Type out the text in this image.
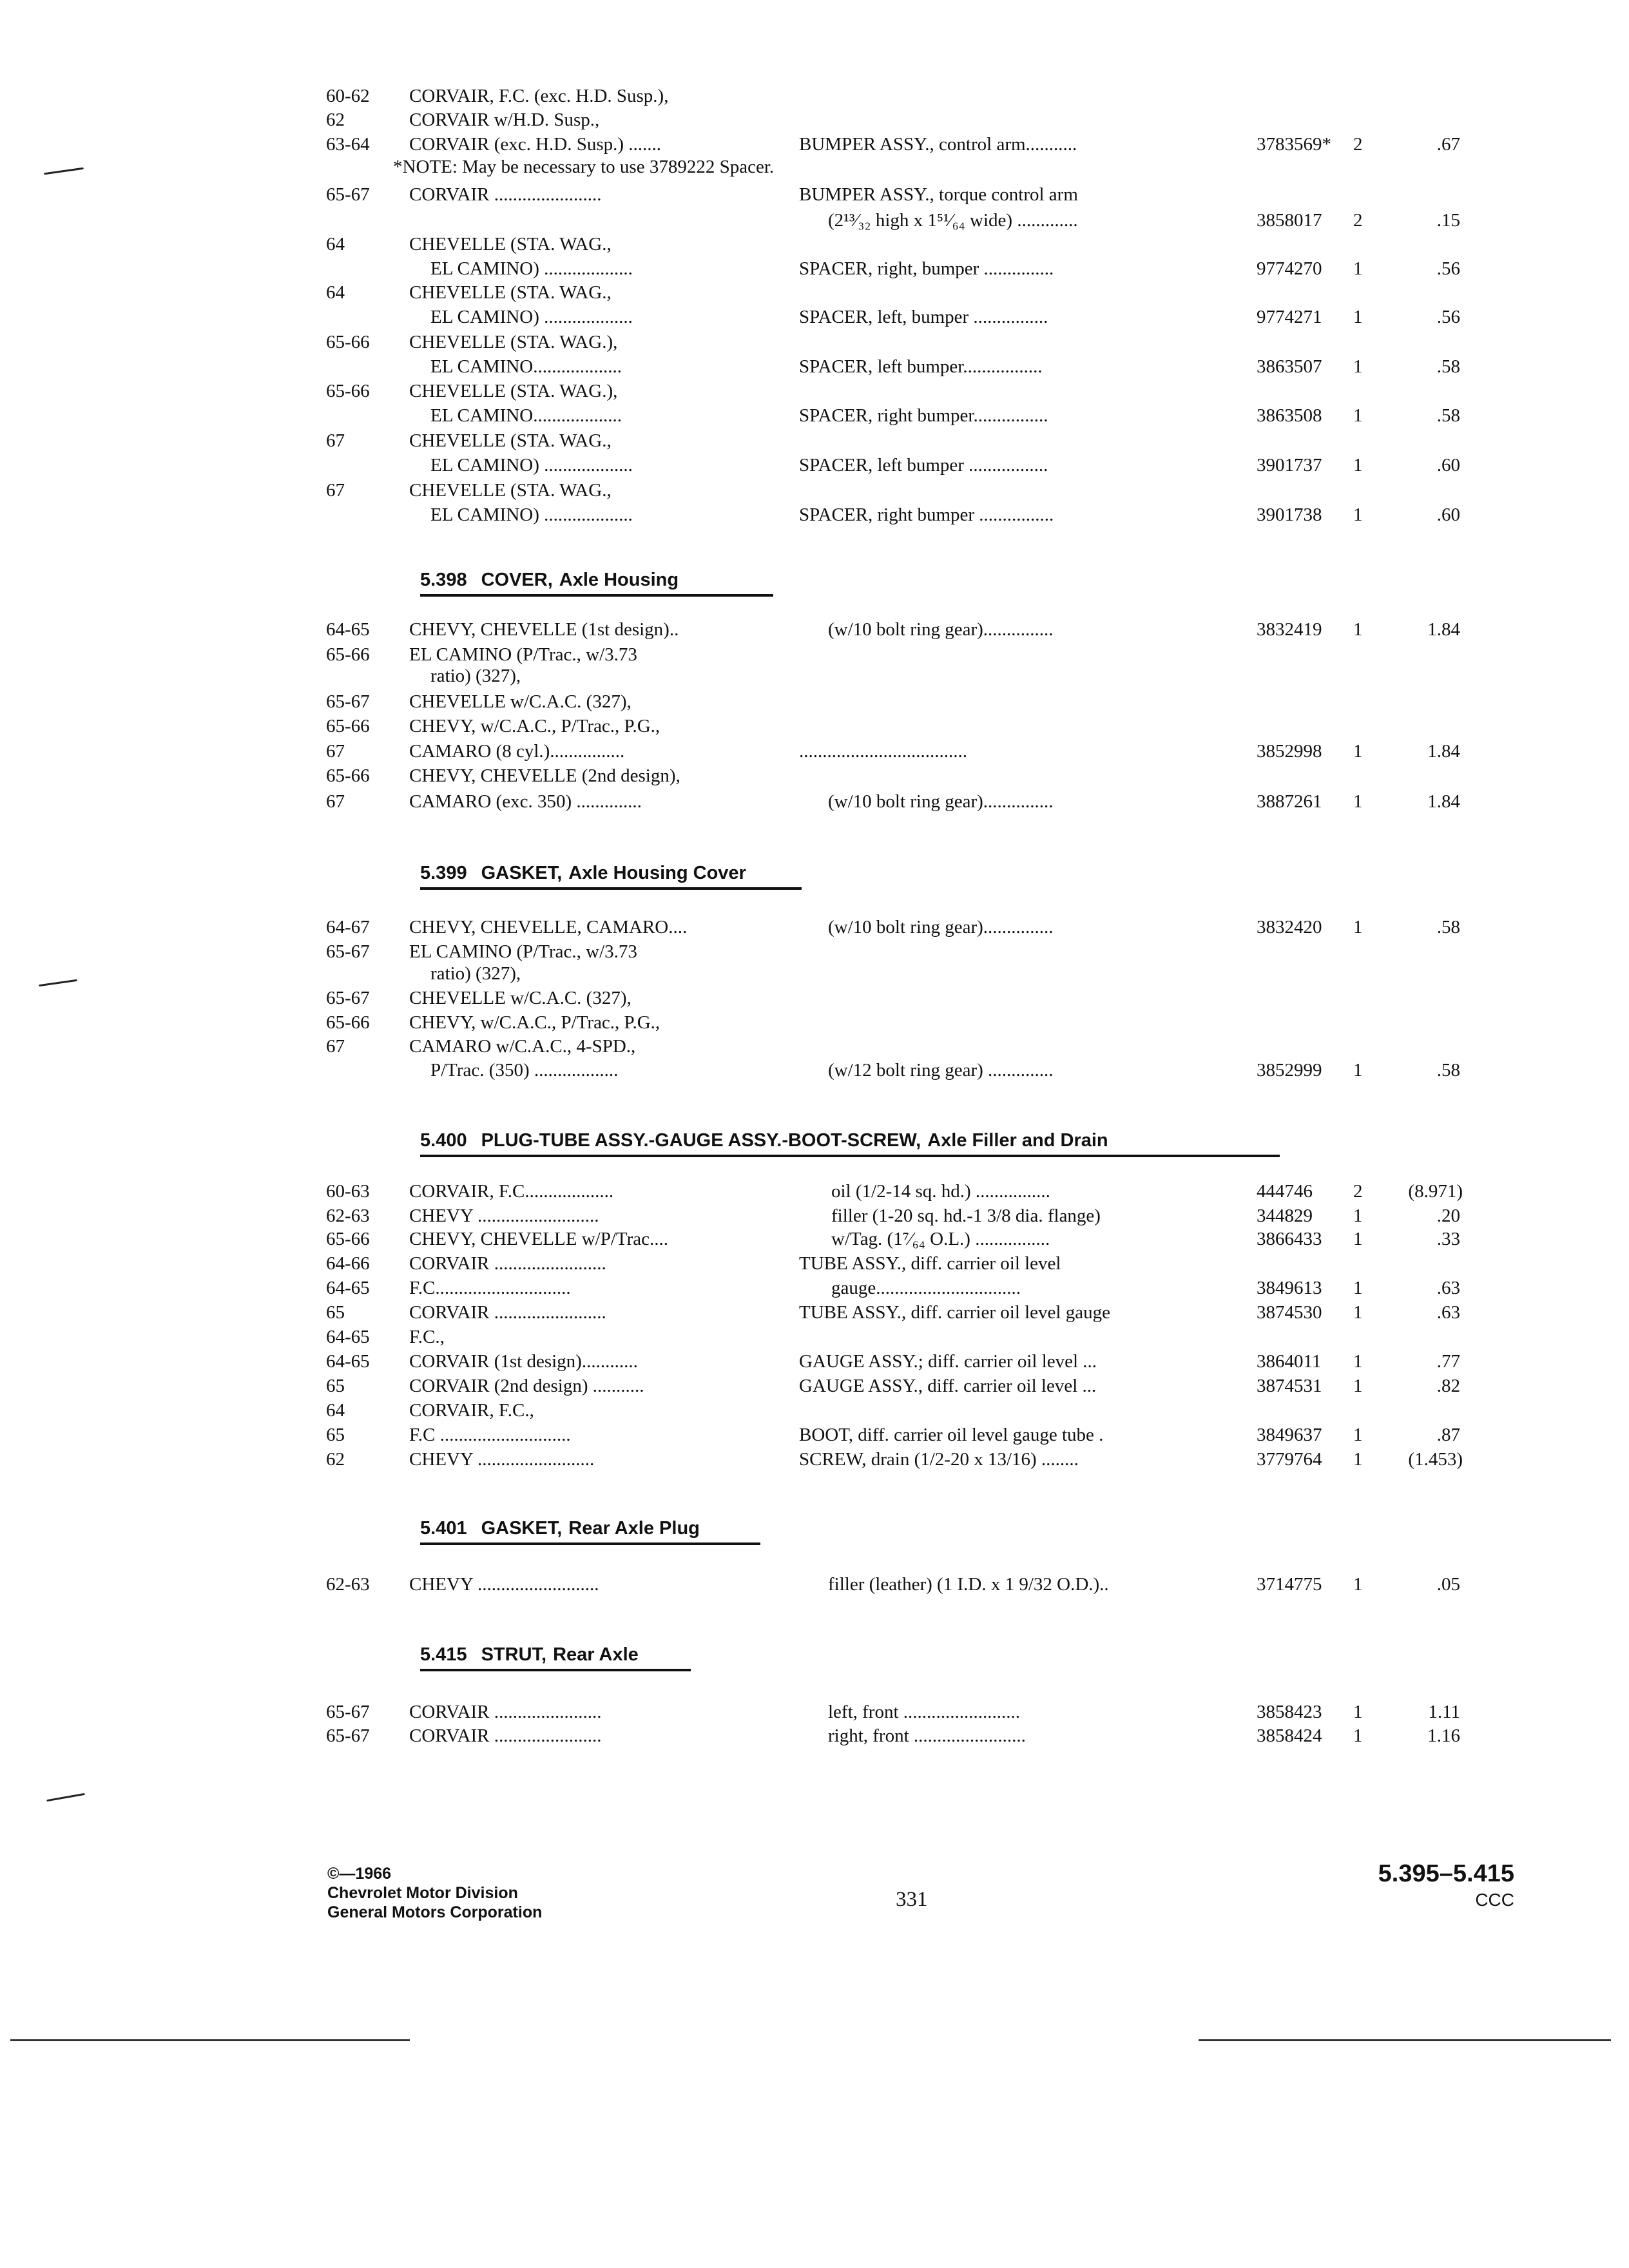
60-62 CORVAIR, F.C. (exc. H.D. Susp.),
62	CORVAIR w/H.D. Susp.,
63-64 CORVAIR (exc. H.D. Susp.) .......	BUMPER ASSY., control arm...........	3783569* 2	.67
*NOTE: May be necessary to use 3789222 Spacer.
65-67 CORVAIR .......................	BUMPER ASSY., torque control arm
(2¹³⁄₃₂ high x 1⁵¹⁄₆₄ wide) .............	3858017 2	.15
64	CHEVELLE (STA. WAG.,
EL CAMINO) ...................	SPACER, right, bumper ...............	9774270 1	.56
64	CHEVELLE (STA. WAG.,
EL CAMINO) ...................	SPACER, left, bumper ................	9774271 1	.56
65-66 CHEVELLE (STA. WAG.),
EL CAMINO...................	SPACER, left bumper.................	3863507 1	.58
65-66 CHEVELLE (STA. WAG.),
EL CAMINO...................	SPACER, right bumper................	3863508 1	.58
67	CHEVELLE (STA. WAG.,
EL CAMINO) ...................	SPACER, left bumper .................	3901737 1	.60
67	CHEVELLE (STA. WAG.,
EL CAMINO) ...................	SPACER, right bumper ................	3901738 1	.60
5.398 COVER, Axle Housing
64-65 CHEVY, CHEVELLE (1st design)..	(w/10 bolt ring gear)...............	3832419 1	1.84
65-66 EL CAMINO (P/Trac., w/3.73
ratio) (327),
65-67 CHEVELLE w/C.A.C. (327),
65-66 CHEVY, w/C.A.C., P/Trac., P.G.,
67	CAMARO (8 cyl.)................	....................................	3852998 1	1.84
65-66 CHEVY, CHEVELLE (2nd design),
67	CAMARO (exc. 350) ..............	(w/10 bolt ring gear)...............	3887261 1	1.84
5.399 GASKET, Axle Housing Cover
64-67 CHEVY, CHEVELLE, CAMARO....	(w/10 bolt ring gear)...............	3832420 1	.58
65-67 EL CAMINO (P/Trac., w/3.73
ratio) (327),
65-67 CHEVELLE w/C.A.C. (327),
65-66 CHEVY, w/C.A.C., P/Trac., P.G.,
67	CAMARO w/C.A.C., 4-SPD.,
P/Trac. (350) ..................	(w/12 bolt ring gear) ..............	3852999 1	.58
5.400 PLUG-TUBE ASSY.-GAUGE ASSY.-BOOT-SCREW, Axle Filler and Drain
60-63 CORVAIR, F.C...................	oil (1/2-14 sq. hd.) ................	444746 2	(8.971)
62-63 CHEVY ..........................	filler (1-20 sq. hd.-1 3/8 dia. flange)	344829 1	.20
65-66 CHEVY, CHEVELLE w/P/Trac....	w/Tag. (1⁷⁄₆₄ O.L.) ................	3866433 1	.33
64-66 CORVAIR ........................	TUBE ASSY., diff. carrier oil level
64-65 F.C.............................	gauge...............................	3849613 1	.63
65	CORVAIR ........................	TUBE ASSY., diff. carrier oil level gauge	3874530 1	.63
64-65 F.C.,
64-65 CORVAIR (1st design)............	GAUGE ASSY.; diff. carrier oil level ...	3864011 1	.77
65	CORVAIR (2nd design) ...........	GAUGE ASSY., diff. carrier oil level ...	3874531 1	.82
64	CORVAIR, F.C.,
65	F.C ............................	BOOT, diff. carrier oil level gauge tube .	3849637 1	.87
62	CHEVY .........................	SCREW, drain (1/2-20 x 13/16) ........	3779764 1	(1.453)
5.401 GASKET, Rear Axle Plug
62-63 CHEVY ..........................	filler (leather) (1 I.D. x 1 9/32 O.D.)..	3714775 1	.05
5.415 STRUT, Rear Axle
65-67 CORVAIR .......................	left, front .........................	3858423 1	1.11
65-67 CORVAIR .......................	right, front ........................	3858424 1	1.16
©—1966
Chevrolet Motor Division
General Motors Corporation
331
5.395–5.415
CCC
